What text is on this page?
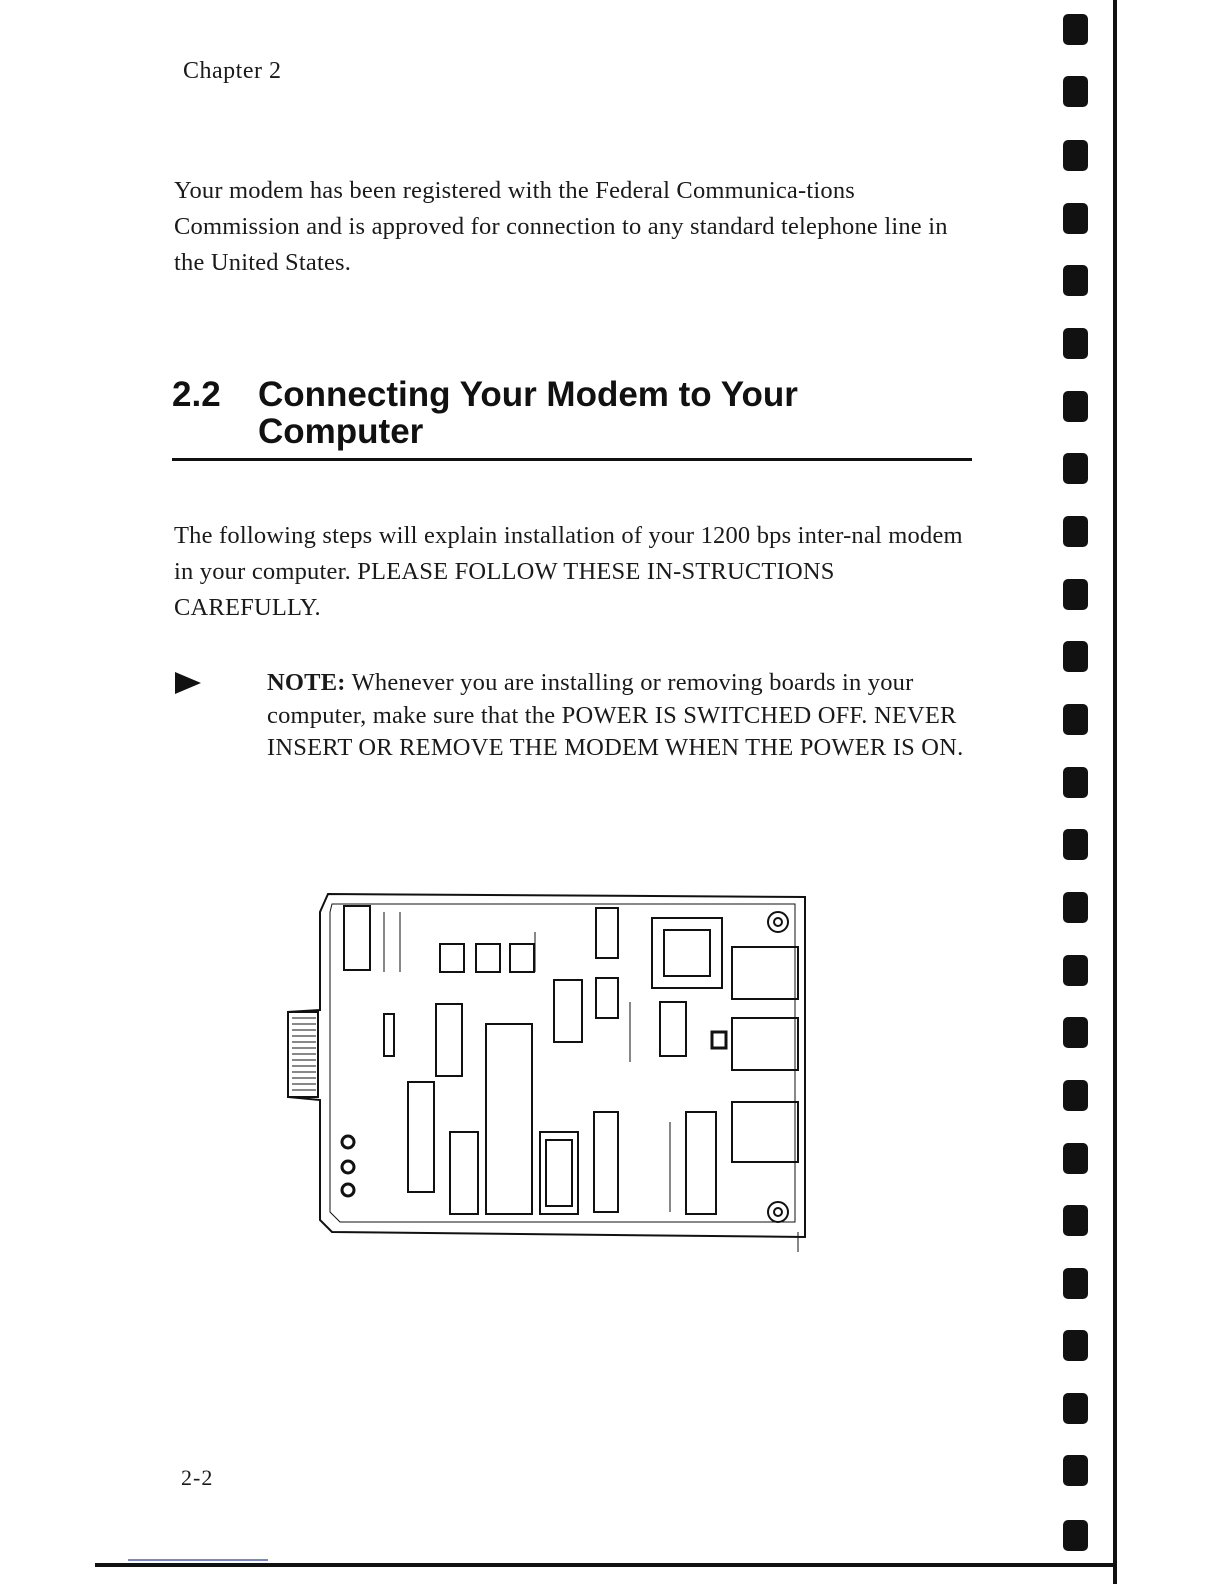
Chapter 2

Your modem has been registered with the Federal Communica-tions Commission and is approved for connection to any standard telephone line in the United States.

2.2 Connecting Your Modem to Your Computer

The following steps will explain installation of your 1200 bps inter-nal modem in your computer. PLEASE FOLLOW THESE IN-STRUCTIONS CAREFULLY.

NOTE: Whenever you are installing or removing boards in your computer, make sure that the POWER IS SWITCHED OFF. NEVER INSERT OR REMOVE THE MODEM WHEN THE POWER IS ON.

2-2
